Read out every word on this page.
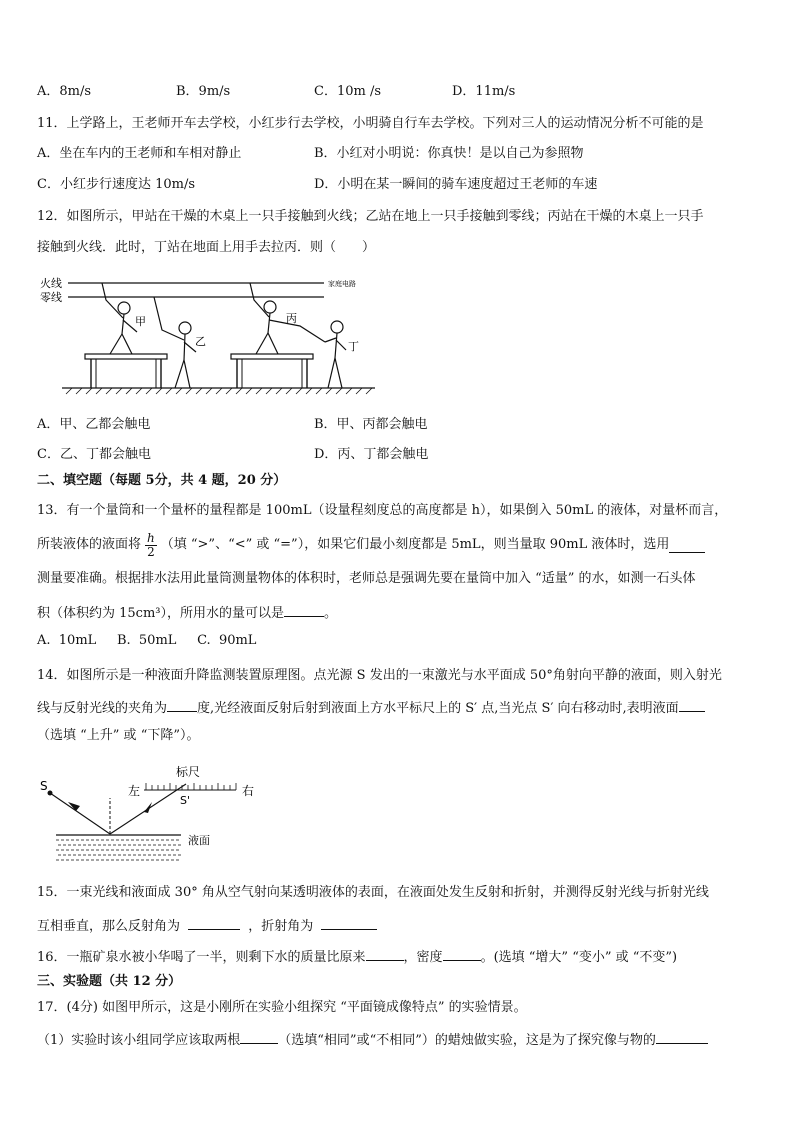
A．8m/s	B．9m/s	C．10m /s	D．11m/s
11．上学路上，王老师开车去学校，小红步行去学校，小明骑自行车去学校。下列对三人的运动情况分析不可能的是
A．坐在车内的王老师和车相对静止	B．小红对小明说：你真快！是以自己为参照物
C．小红步行速度达 10m/s	D．小明在某一瞬间的骑车速度超过王老师的车速
12．如图所示，甲站在干燥的木桌上一只手接触到火线；乙站在地上一只手接触到零线；丙站在干燥的木桌上一只手
接触到火线．此时，丁站在地面上用手去拉丙．则（　　）
火线
零线
家庭电路
甲
乙
丙
丁
A．甲、乙都会触电	B．甲、丙都会触电
C．乙、丁都会触电	D．丙、丁都会触电
二、填空题（每题 5分，共 4 题，20 分）
13．有一个量筒和一个量杯的量程都是 100mL（设量程刻度总的高度都是 h），如果倒入 50mL 的液体，对量杯而言，
所装液体的液面将 $\frac{h}{2}$ （填 “>”、“<” 或 “=”），如果它们最小刻度都是 5mL，则当量取 90mL 液体时，选用
测量要准确。根据排水法用此量筒测量物体的体积时，老师总是强调先要在量筒中加入 “适量” 的水，如测一石头体
积（体积约为 15cm³），所用水的量可以是	。
A.  10mL     B.  50mL     C.  90mL
14．如图所示是一种液面升降监测装置原理图。点光源 S 发出的一束激光与水平面成 50°角射向平静的液面，则入射光
线与反射光线的夹角为 度,光经液面反射后射到液面上方水平标尺上的 S′ 点,当光点 S′ 向右移动时,表明液面
（选填 “上升” 或 “下降”）。
S	左
标尺
右
S'
液面
15．一束光线和液面成 30° 角从空气射向某透明液体的表面，在液面处发生反射和折射，并测得反射光线与折射光线
互相垂直，那么反射角为	，折射角为
16．一瓶矿泉水被小华喝了一半，则剩下水的质量比原来	，密度	。(选填 “增大” “变小” 或 “不变”)
三、实验题（共 12 分）
17．(4分) 如图甲所示，这是小刚所在实验小组探究 “平面镜成像特点” 的实验情景。
（1）实验时该小组同学应该取两根	（选填“相同”或“不相同”）的蜡烛做实验，这是为了探究像与物的
